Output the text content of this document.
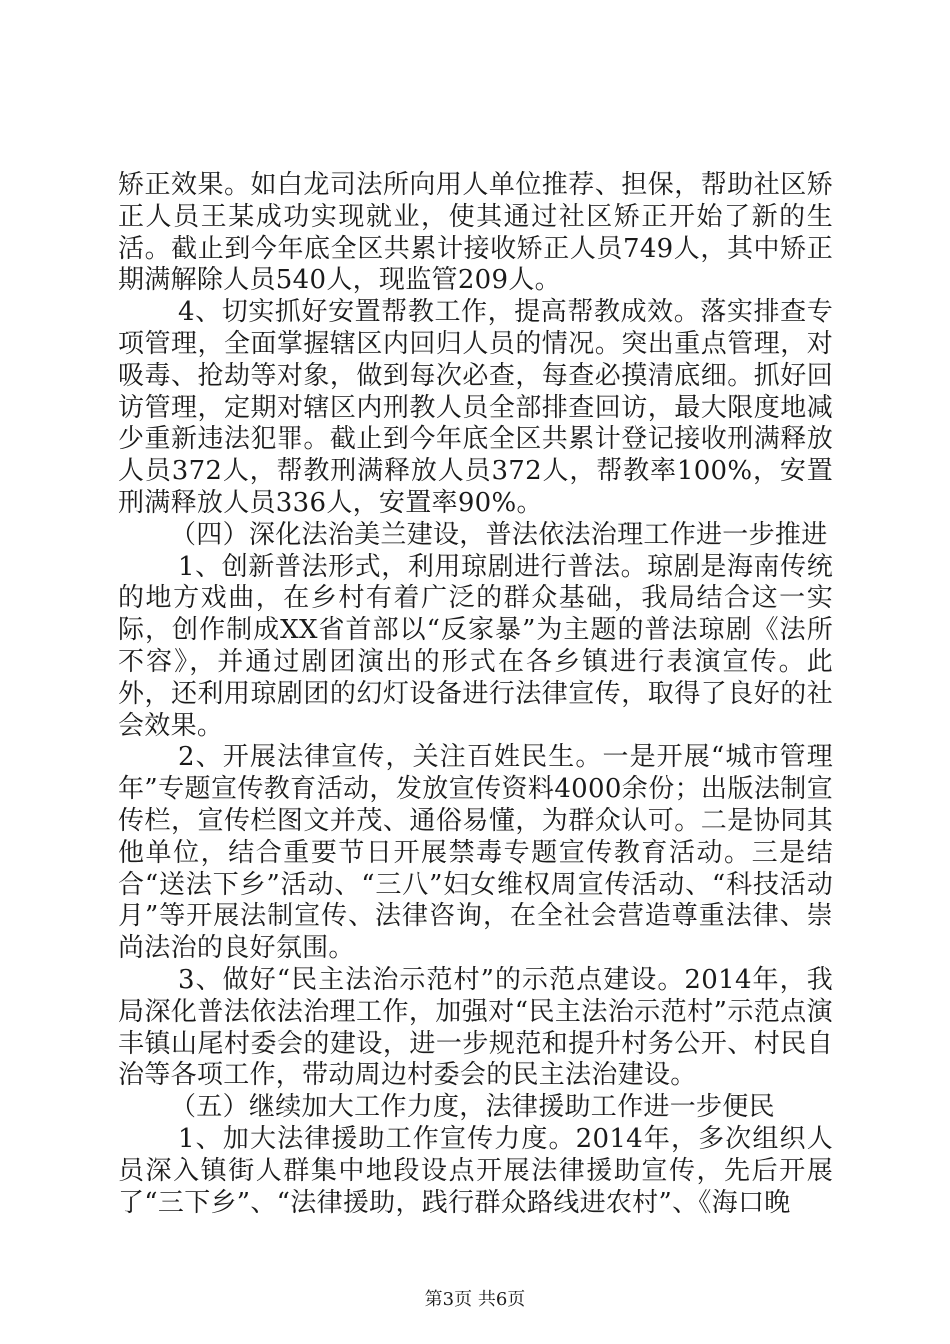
矫正效果。如白龙司法所向用人单位推荐、担保，帮助社区矫正人员王某成功实现就业，使其通过社区矫正开始了新的生活。截止到今年底全区共累计接收矫正人员749人，其中矫正期满解除人员540人，现监管209人。

4、切实抓好安置帮教工作，提高帮教成效。落实排查专项管理，全面掌握辖区内回归人员的情况。突出重点管理，对吸毒、抢劫等对象，做到每次必查，每查必摸清底细。抓好回访管理，定期对辖区内刑教人员全部排查回访，最大限度地减少重新违法犯罪。截止到今年底全区共累计登记接收刑满释放人员372人，帮教刑满释放人员372人，帮教率100%，安置刑满释放人员336人，安置率90%。

（四）深化法治美兰建设，普法依法治理工作进一步推进

1、创新普法形式，利用琼剧进行普法。琼剧是海南传统的地方戏曲，在乡村有着广泛的群众基础，我局结合这一实际，创作制成XX省首部以“反家暴”为主题的普法琼剧《法所不容》，并通过剧团演出的形式在各乡镇进行表演宣传。此外，还利用琼剧团的幻灯设备进行法律宣传，取得了良好的社会效果。

2、开展法律宣传，关注百姓民生。一是开展“城市管理年”专题宣传教育活动，发放宣传资料4000余份；出版法制宣传栏，宣传栏图文并茂、通俗易懂，为群众认可。二是协同其他单位，结合重要节日开展禁毒专题宣传教育活动。三是结合“送法下乡”活动、“三八”妇女维权周宣传活动、“科技活动月”等开展法制宣传、法律咨询，在全社会营造尊重法律、崇尚法治的良好氛围。

3、做好“民主法治示范村”的示范点建设。2014年，我局深化普法依法治理工作，加强对“民主法治示范村”示范点演丰镇山尾村委会的建设，进一步规范和提升村务公开、村民自治等各项工作，带动周边村委会的民主法治建设。

（五）继续加大工作力度，法律援助工作进一步便民

1、加大法律援助工作宣传力度。2014年，多次组织人员深入镇街人群集中地段设点开展法律援助宣传，先后开展了“三下乡”、“法律援助，践行群众路线进农村”、《海口晚

第3页 共6页
